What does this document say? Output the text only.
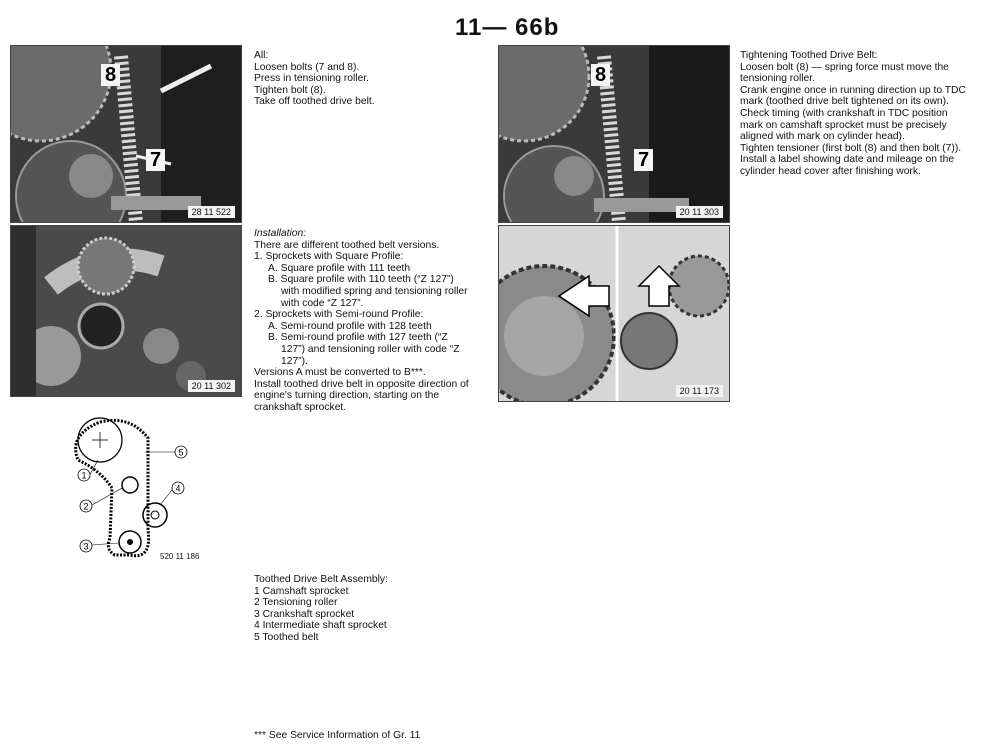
11— 66b
8
7
28 11 522
20 11 302
8
7
20 11 303
20 11 173

All:

Loosen bolts (7 and 8).

Press in tensioning roller.

Tighten bolt (8).

Take off toothed drive belt.

Installation:

There are different toothed belt versions.

1. Sprockets with Square Profile:

A. Square profile with 111 teeth

B. Square profile with 110 teeth (“Z 127”) with modified spring and tensioning roller with code “Z 127”.

2. Sprockets with Semi-round Profile:

A. Semi-round profile with 128 teeth

B. Semi-round profile with 127 teeth (“Z 127”) and tensioning roller with code “Z 127”).

Versions A must be converted to B***.

Install toothed drive belt in opposite direction of engine's turning direction, starting on the crankshaft sprocket.

Tightening Toothed Drive Belt:

Loosen bolt (8) — spring force must move the tensioning roller.

Crank engine once in running direction up to TDC mark (toothed drive belt tightened on its own).

Check timing (with crankshaft in TDC position mark on camshaft sprocket must be precisely aligned with mark on cylinder head).

Tighten tensioner (first bolt (8) and then bolt (7)).

Install a label showing date and mileage on the cylinder head cover after finishing work.

1
2
3
4
5
520 11 186

Toothed Drive Belt Assembly:

1 Camshaft sprocket

2 Tensioning roller

3 Crankshaft sprocket

4 Intermediate shaft sprocket

5 Toothed belt

*** See Service Information of Gr. 11
